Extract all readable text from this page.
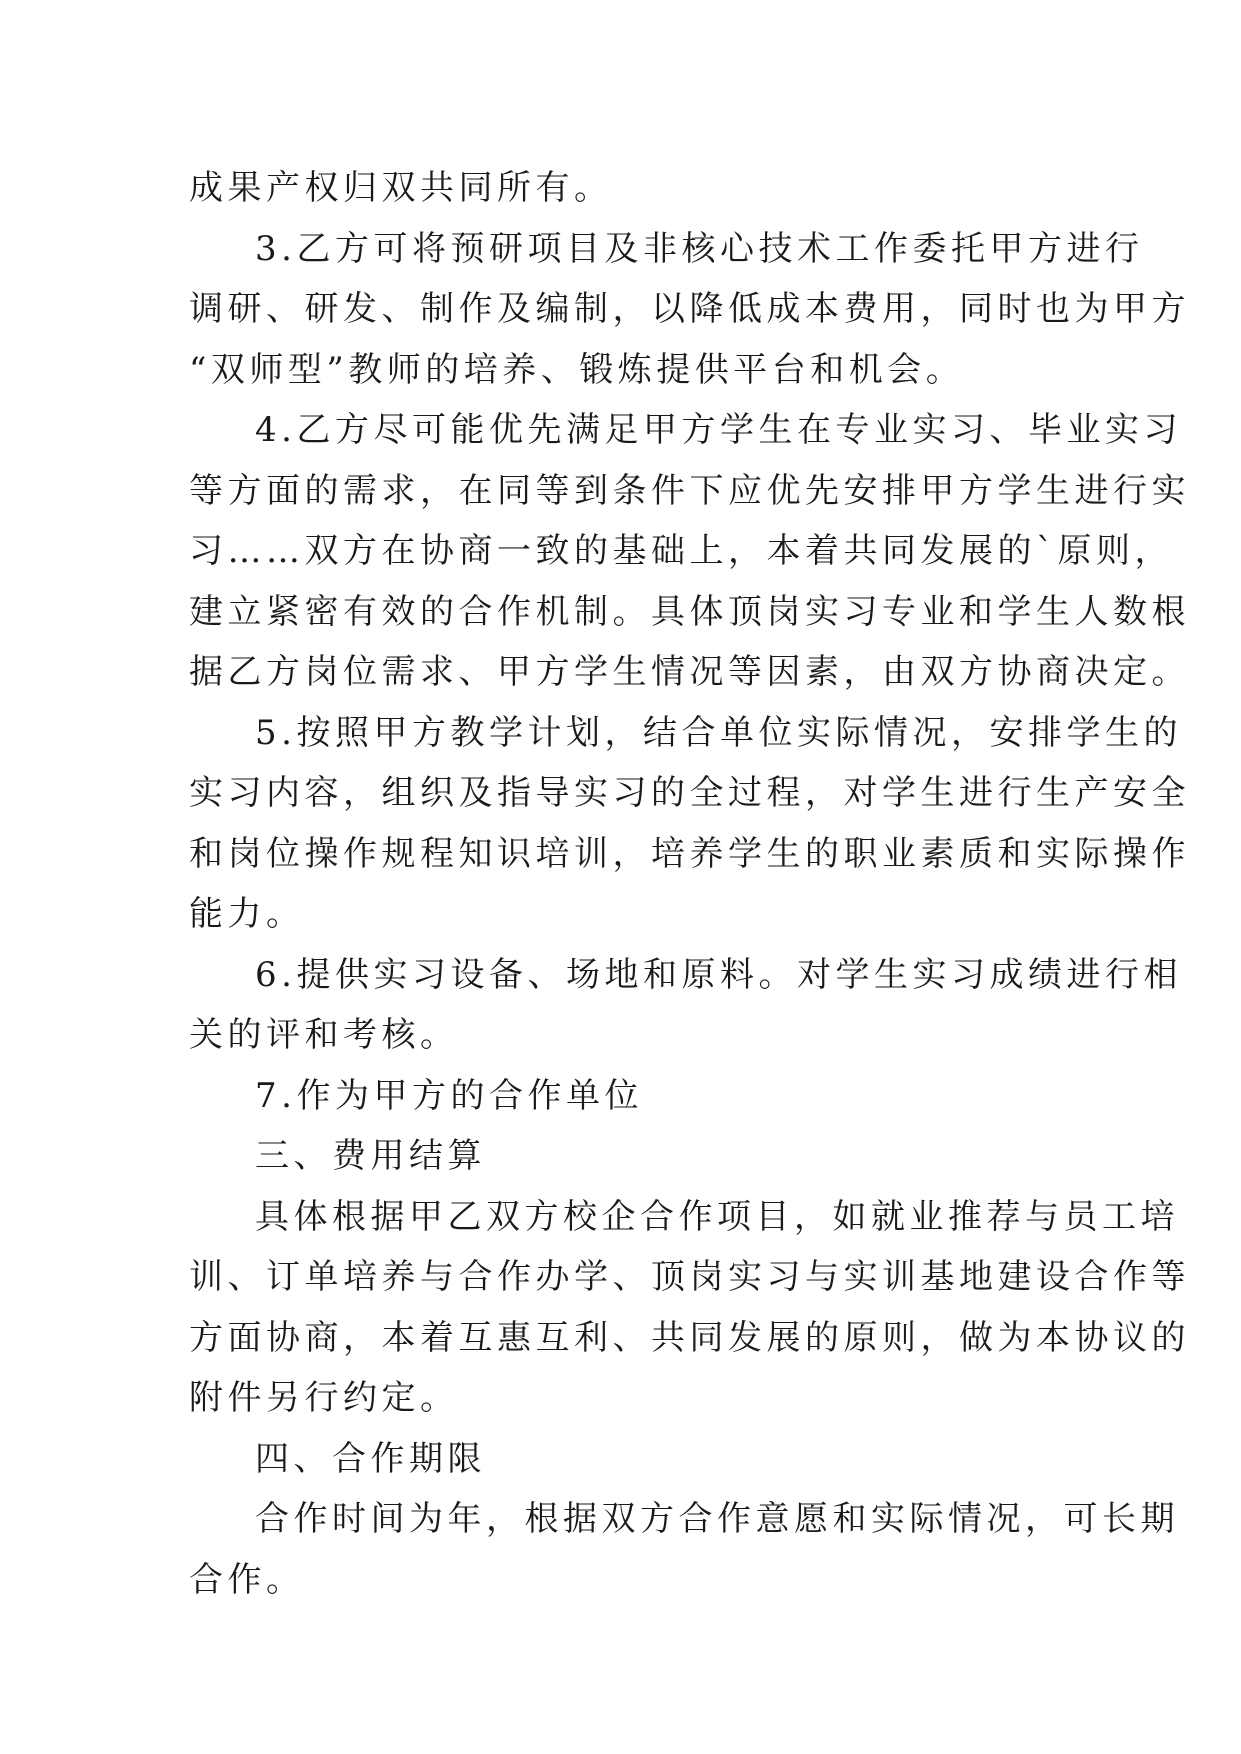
成果产权归双共同所有。
3.乙方可将预研项目及非核心技术工作委托甲方进行
调研、研发、制作及编制，以降低成本费用，同时也为甲方
“双师型”教师的培养、锻炼提供平台和机会。
4.乙方尽可能优先满足甲方学生在专业实习、毕业实习
等方面的需求，在同等到条件下应优先安排甲方学生进行实
习……双方在协商一致的基础上，本着共同发展的`原则，
建立紧密有效的合作机制。具体顶岗实习专业和学生人数根
据乙方岗位需求、甲方学生情况等因素，由双方协商决定。
5.按照甲方教学计划，结合单位实际情况，安排学生的
实习内容，组织及指导实习的全过程，对学生进行生产安全
和岗位操作规程知识培训，培养学生的职业素质和实际操作
能力。
6.提供实习设备、场地和原料。对学生实习成绩进行相
关的评和考核。
7.作为甲方的合作单位
三、费用结算
具体根据甲乙双方校企合作项目，如就业推荐与员工培
训、订单培养与合作办学、顶岗实习与实训基地建设合作等
方面协商，本着互惠互利、共同发展的原则，做为本协议的
附件另行约定。
四、合作期限
合作时间为年，根据双方合作意愿和实际情况，可长期
合作。
